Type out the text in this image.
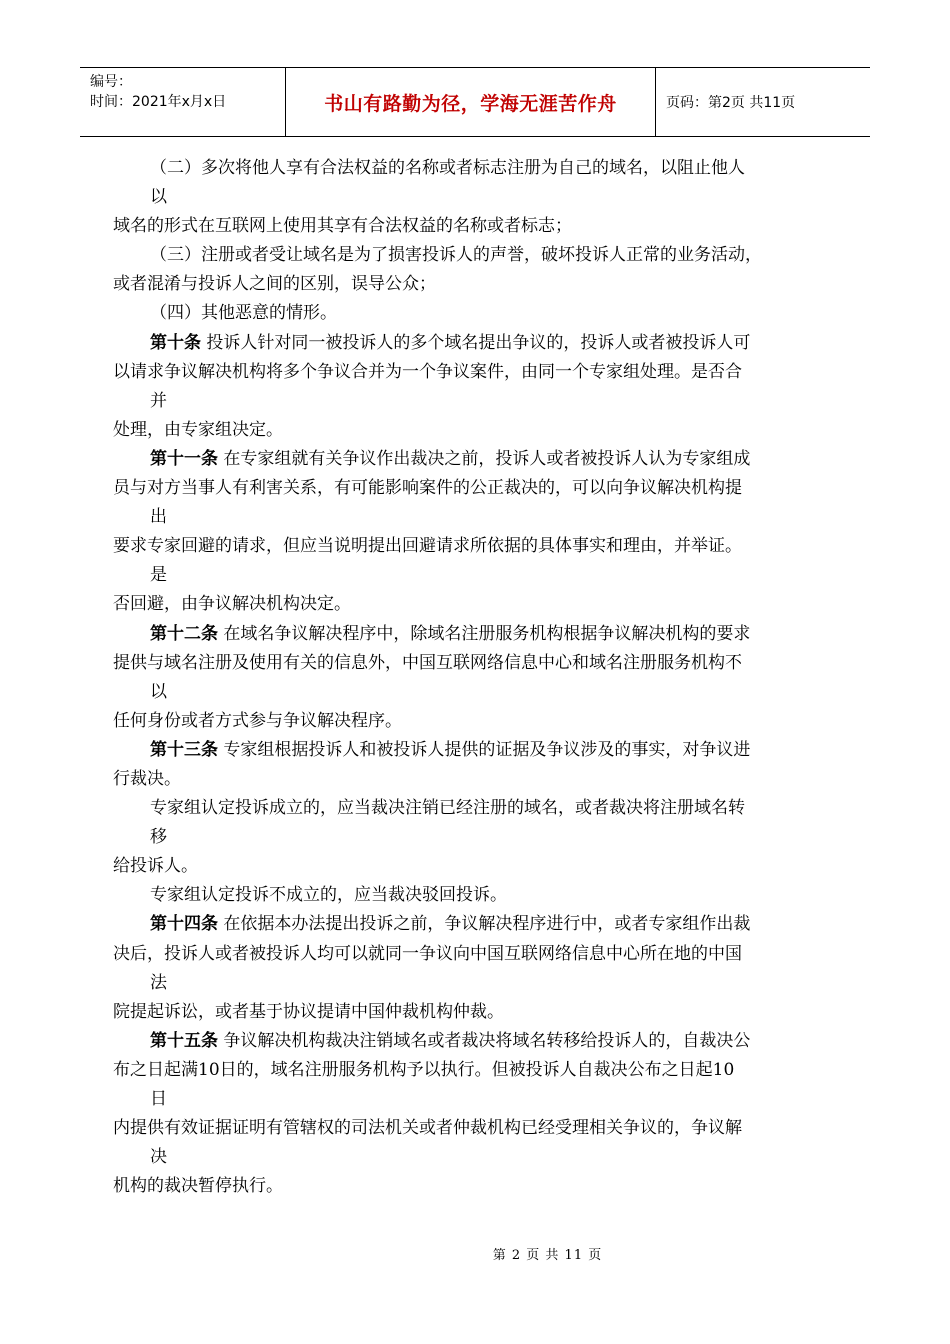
编号：
时间：2021年x月x日	书山有路勤为径，学海无涯苦作舟	页码：第2页 共11页
（二）多次将他人享有合法权益的名称或者标志注册为自己的域名，以阻止他人
以
域名的形式在互联网上使用其享有合法权益的名称或者标志；
（三）注册或者受让域名是为了损害投诉人的声誉，破坏投诉人正常的业务活动，
或者混淆与投诉人之间的区别，误导公众；
（四）其他恶意的情形。
第十条 投诉人针对同一被投诉人的多个域名提出争议的，投诉人或者被投诉人可
以请求争议解决机构将多个争议合并为一个争议案件，由同一个专家组处理。是否合
并
处理，由专家组决定。
第十一条 在专家组就有关争议作出裁决之前，投诉人或者被投诉人认为专家组成
员与对方当事人有利害关系，有可能影响案件的公正裁决的，可以向争议解决机构提
出
要求专家回避的请求，但应当说明提出回避请求所依据的具体事实和理由，并举证。
是
否回避，由争议解决机构决定。
第十二条 在域名争议解决程序中，除域名注册服务机构根据争议解决机构的要求
提供与域名注册及使用有关的信息外，中国互联网络信息中心和域名注册服务机构不
以
任何身份或者方式参与争议解决程序。
第十三条 专家组根据投诉人和被投诉人提供的证据及争议涉及的事实，对争议进
行裁决。
专家组认定投诉成立的，应当裁决注销已经注册的域名，或者裁决将注册域名转
移
给投诉人。
专家组认定投诉不成立的，应当裁决驳回投诉。
第十四条 在依据本办法提出投诉之前，争议解决程序进行中，或者专家组作出裁
决后，投诉人或者被投诉人均可以就同一争议向中国互联网络信息中心所在地的中国
法
院提起诉讼，或者基于协议提请中国仲裁机构仲裁。
第十五条 争议解决机构裁决注销域名或者裁决将域名转移给投诉人的，自裁决公
布之日起满10日的，域名注册服务机构予以执行。但被投诉人自裁决公布之日起10
日
内提供有效证据证明有管辖权的司法机关或者仲裁机构已经受理相关争议的，争议解
决
机构的裁决暂停执行。
第 2 页 共 11 页
